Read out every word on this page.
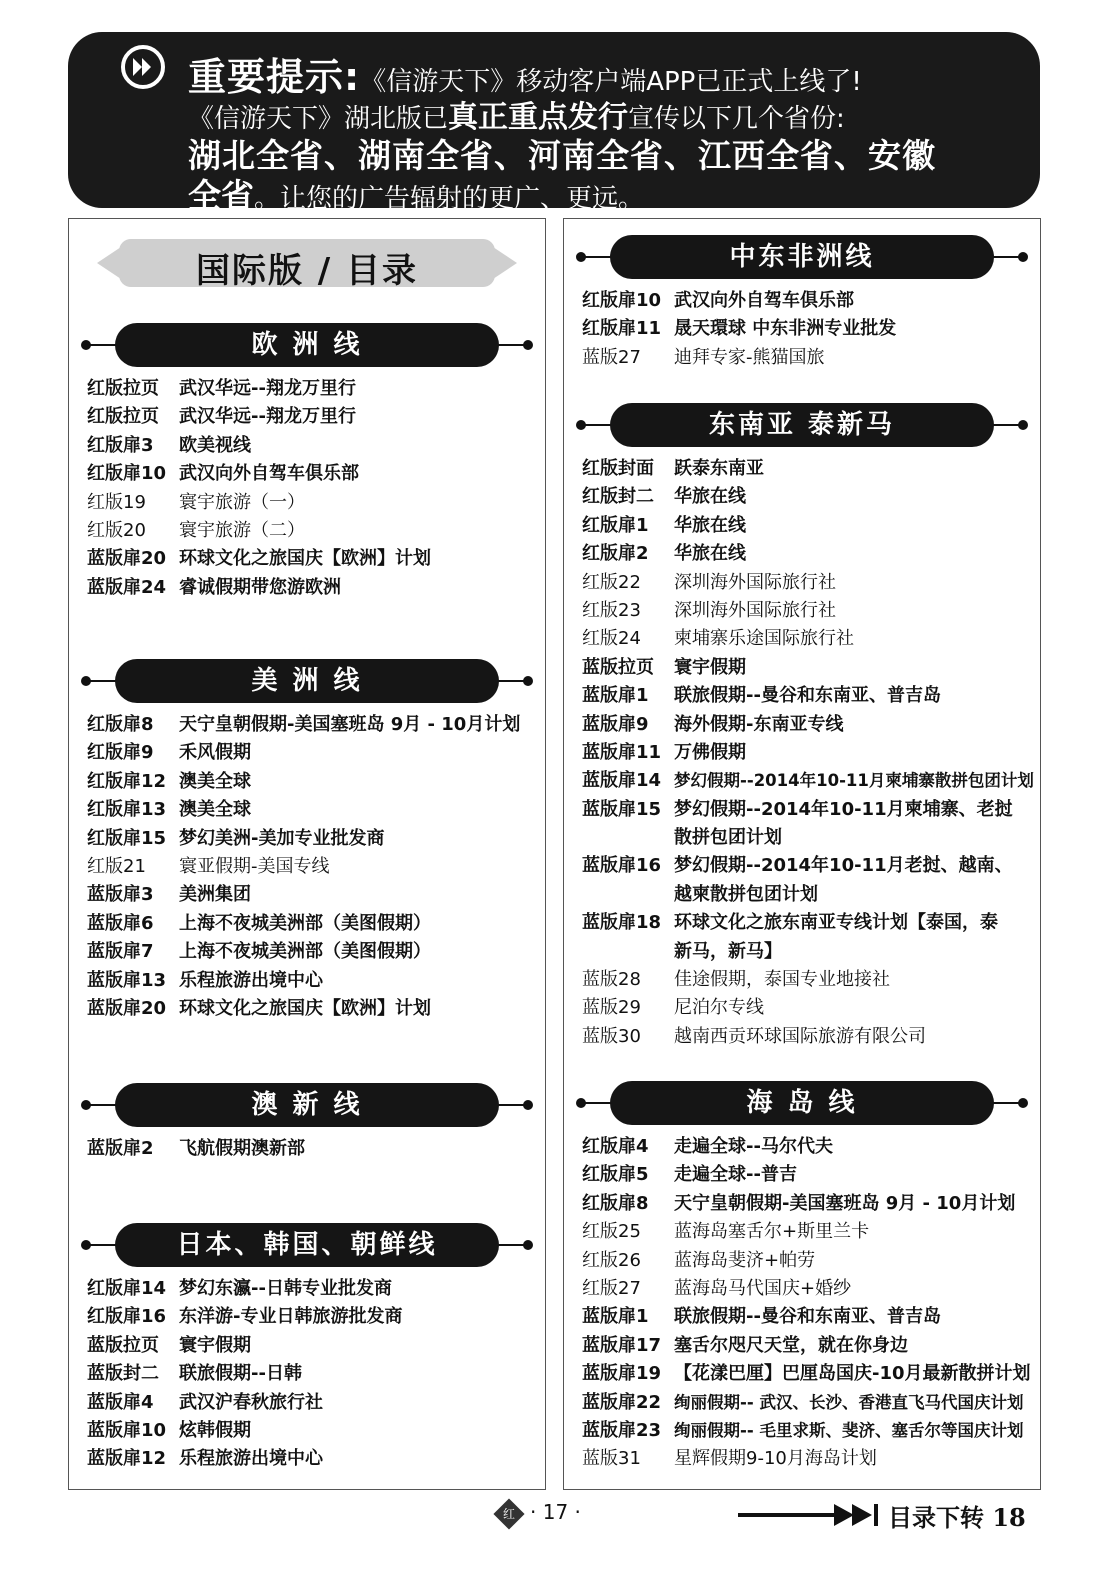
重要提示:《信游天下》移动客户端APP已正式上线了!
《信游天下》湖北版已真正重点发行宣传以下几个省份:
湖北全省、湖南全省、河南全省、江西全省、安徽
全省。让您的广告辐射的更广、更远。
国际版 / 目录
欧 洲 线
红版拉页 武汉华远--翔龙万里行
红版拉页 武汉华远--翔龙万里行
红版扉3 欧美视线
红版扉10 武汉向外自驾车俱乐部
红版19 寰宇旅游（一）
红版20 寰宇旅游（二）
蓝版扉20 环球文化之旅国庆【欧洲】计划
蓝版扉24 睿诚假期带您游欧洲
美 洲 线
红版扉8 天宁皇朝假期-美国塞班岛 9月 - 10月计划
红版扉9 禾风假期
红版扉12 澳美全球
红版扉13 澳美全球
红版扉15 梦幻美洲-美加专业批发商
红版21 寰亚假期-美国专线
蓝版扉3 美洲集团
蓝版扉6 上海不夜城美洲部（美图假期）
蓝版扉7 上海不夜城美洲部（美图假期）
蓝版扉13 乐程旅游出境中心
蓝版扉20 环球文化之旅国庆【欧洲】计划
澳 新 线
蓝版扉2 飞航假期澳新部
日本、韩国、朝鲜线
红版扉14 梦幻东瀛--日韩专业批发商
红版扉16 东洋游-专业日韩旅游批发商
蓝版拉页 寰宇假期
蓝版封二 联旅假期--日韩
蓝版扉4 武汉沪春秋旅行社
蓝版扉10 炫韩假期
蓝版扉12 乐程旅游出境中心
中东非洲线
红版扉10 武汉向外自驾车俱乐部
红版扉11 晟天環球 中东非洲专业批发
蓝版27 迪拜专家-熊猫国旅
东南亚 泰新马
红版封面 跃泰东南亚
红版封二 华旅在线
红版扉1 华旅在线
红版扉2 华旅在线
红版22 深圳海外国际旅行社
红版23 深圳海外国际旅行社
红版24 柬埔寨乐途国际旅行社
蓝版拉页 寰宇假期
蓝版扉1 联旅假期--曼谷和东南亚、普吉岛
蓝版扉9 海外假期-东南亚专线
蓝版扉11 万佛假期
蓝版扉14 梦幻假期--2014年10-11月柬埔寨散拼包团计划
蓝版扉15 梦幻假期--2014年10-11月柬埔寨、老挝
散拼包团计划
蓝版扉16 梦幻假期--2014年10-11月老挝、越南、
越柬散拼包团计划
蓝版扉18 环球文化之旅东南亚专线计划【泰国，泰
新马，新马】
蓝版28 佳途假期，泰国专业地接社
蓝版29 尼泊尔专线
蓝版30 越南西贡环球国际旅游有限公司
海 岛 线
红版扉4 走遍全球--马尔代夫
红版扉5 走遍全球--普吉
红版扉8 天宁皇朝假期-美国塞班岛 9月 - 10月计划
红版25 蓝海岛塞舌尔+斯里兰卡
红版26 蓝海岛斐济+帕劳
红版27 蓝海岛马代国庆+婚纱
蓝版扉1 联旅假期--曼谷和东南亚、普吉岛
蓝版扉17 塞舌尔咫尺天堂，就在你身边
蓝版扉19 【花漾巴厘】巴厘岛国庆-10月最新散拼计划
蓝版扉22 绚丽假期-- 武汉、长沙、香港直飞马代国庆计划
蓝版扉23 绚丽假期-- 毛里求斯、斐济、塞舌尔等国庆计划
蓝版31 星辉假期9-10月海岛计划
红 · 17 ·	目录下转 18
